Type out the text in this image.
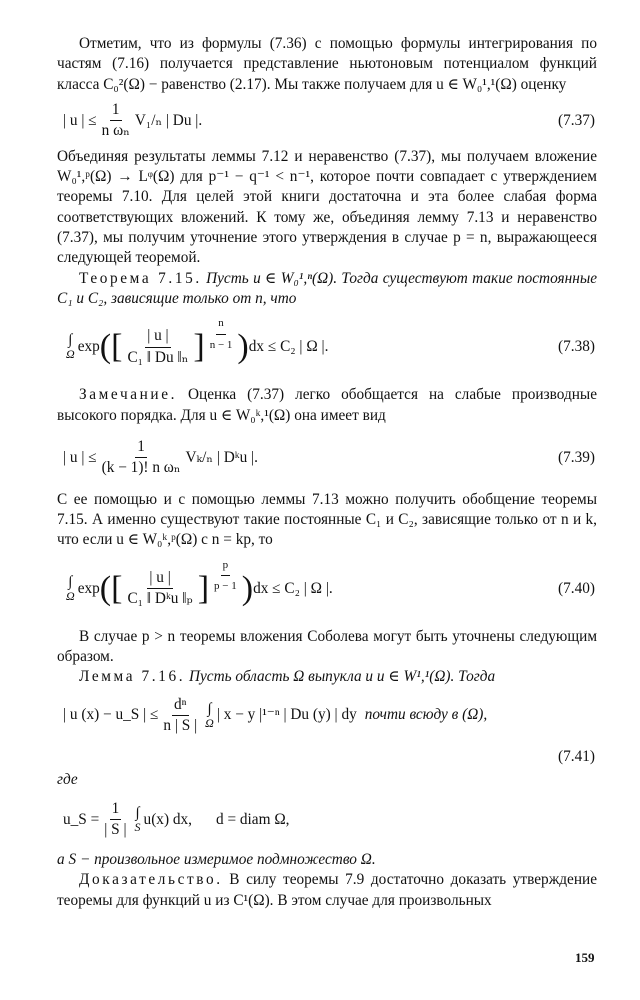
Отметим, что из формулы (7.36) с помощью формулы интегрирования по частям (7.16) получается представление ньютоновым потенциалом функций класса C₀²(Ω) − равенство (2.17). Мы также получаем для u ∈ W₀¹,¹(Ω) оценку

| u | ≤ $\frac{1}{\text{n ωₙ}} V_1/_n$ | Du |.	(7.37)

Объединяя результаты леммы 7.12 и неравенство (7.37), мы получаем вложение W₀¹,ᵖ(Ω) → Lᵠ(Ω) для p⁻¹ − q⁻¹ < n⁻¹, которое почти совпадает с утверждением теоремы 7.10. Для целей этой книги достаточна и эта более слабая форма соответствующих вложений. К тому же, объединяя лемму 7.13 и неравенство (7.37), мы получим уточнение этого утверждения в случае p = n, выражающееся следующей теоремой.

Теорема 7.15. Пусть u ∈ W₀¹,ⁿ(Ω). Тогда существуют такие постоянные C₁ и C₂, зависящие только от n, что

∫
Ω exp ( [ $\frac{| u |}{\text{C₁ ‖ Du ‖ₙ}}$ ] $\frac{n}{n - 1}$ ) dx ≤ C₂ | Ω |.	(7.38)

Замечание. Оценка (7.37) легко обобщается на слабые производные высокого порядка. Для u ∈ W₀ᵏ,¹(Ω) она имеет вид

| u | ≤ $\frac{1}{\text{(k − 1)! n ωₙ}} V_k/_n$ | Dᵏu |.	(7.39)

С ее помощью и с помощью леммы 7.13 можно получить обобщение теоремы 7.15. А именно существуют такие постоянные C₁ и C₂, зависящие только от n и k, что если u ∈ W₀ᵏ,ᵖ(Ω) с n = kp, то

∫
Ω exp ( [ $\frac{| u |}{\text{C₁ ‖ Dᵏu ‖ₚ}}$ ] $\frac{p}{p - 1}$ ) dx ≤ C₂ | Ω |.	(7.40)

В случае p > n теоремы вложения Соболева могут быть уточнены следующим образом.

Лемма 7.16. Пусть область Ω выпукла и u ∈ W¹,¹(Ω). Тогда

| u (x) − u_S | ≤ $\frac{\text{dⁿ}}{n | S |}$ ∫
Ω | x − y |¹⁻ⁿ | Du (y) | dy почти всюду в (Ω),
(7.41)

где

u_S = $\frac{1}{| S |}$ ∫
S u(x) dx, d = diam Ω,

а S − произвольное измеримое подмножество Ω.

Доказательство. В силу теоремы 7.9 достаточно доказать утверждение теоремы для функций u из C¹(Ω). В этом случае для произвольных

159
